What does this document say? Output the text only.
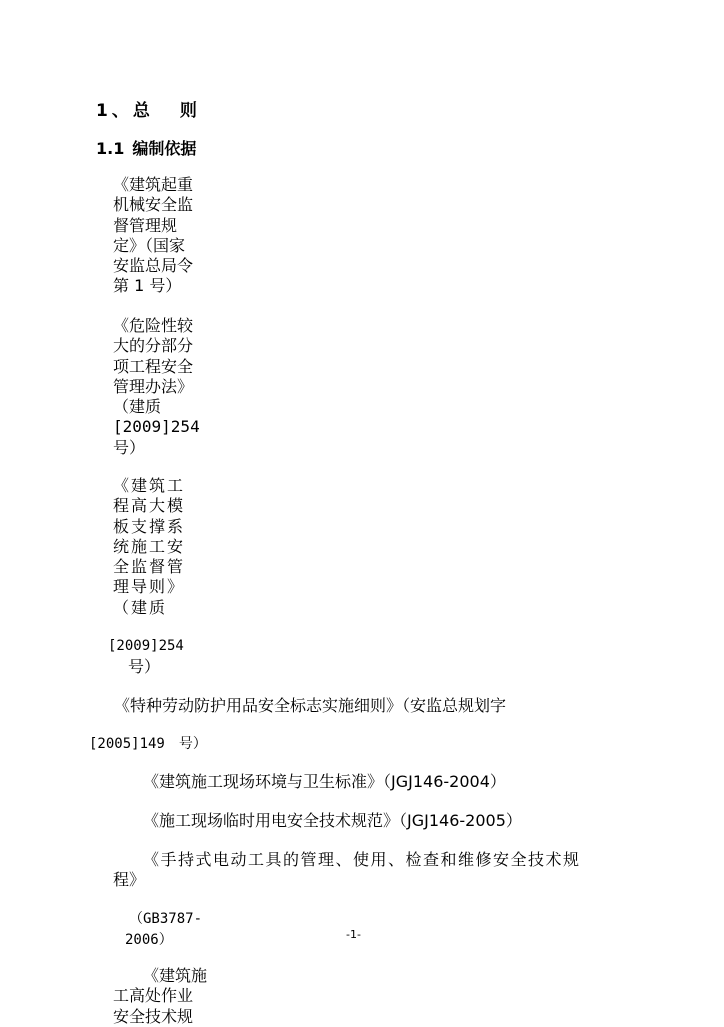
1 、 总 则
1.1 编制依据
《建筑起重
机械安全监
督管理规
定》（国家
安监总局令
第 1 号）
《危险性较
大的分部分
项工程安全
管理办法》
（建质
[2009]254
号）
《建筑工
程高大模
板支撑系
统施工安
全监督管
理导则》
（建质
[2009]254
号）
《特种劳动防护用品安全标志实施细则》（安监总规划字
[2005]149　号）
《建筑施工现场环境与卫生标准》（JGJ146-2004）
《施工现场临时用电安全技术规范》（JGJ146-2005）
《手持式电动工具的管理、使用、检查和维修安全技术规
程》
（GB3787-
2006）	-1-
《建筑施
工高处作业
安全技术规
